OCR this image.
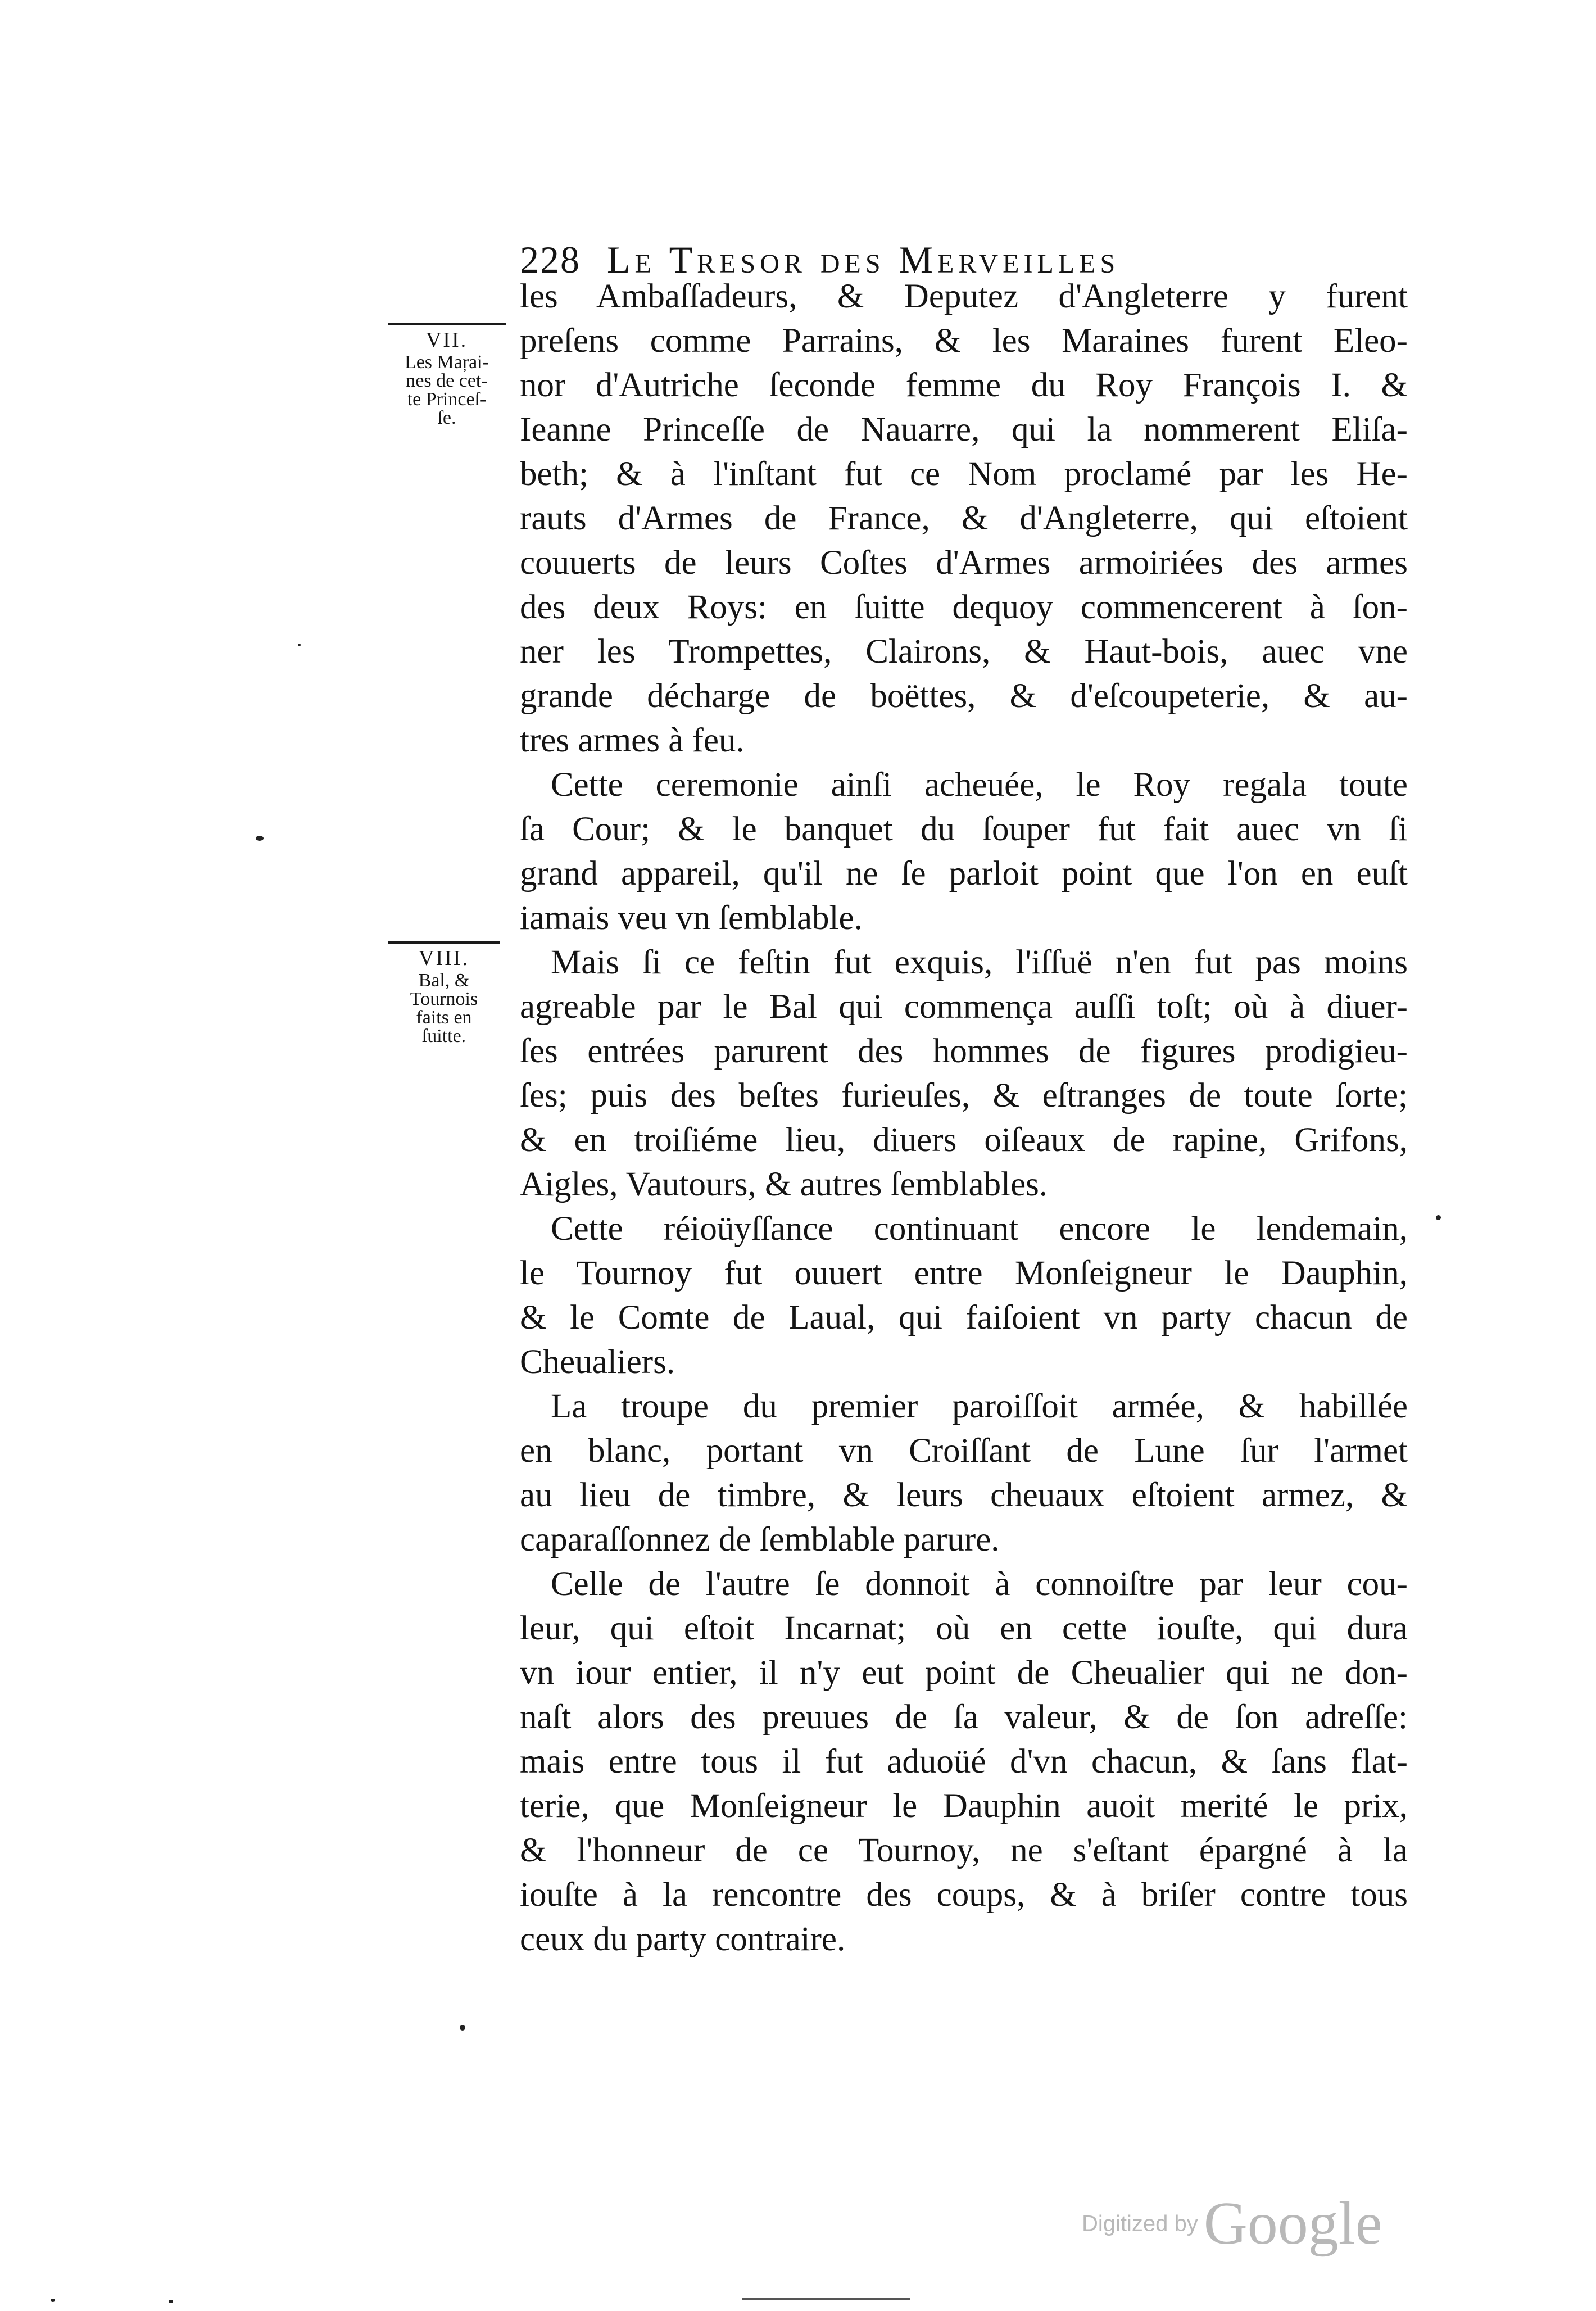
228 Le Tresor des Merveilles
VII.
Les Maŗai-
nes de cet-
te Princeſ-
ſe.
VIII.
Bal, &
Tournois
faits en
ſuitte.
les Ambaſſadeurs, & Deputez d'Angleterre y furent
preſens comme Parrains, & les Maraines furent Eleo-
nor d'Autriche ſeconde femme du Roy François I. &
Ieanne Princeſſe de Nauarre, qui la nommerent Eliſa-
beth; & à l'inſtant fut ce Nom proclamé par les He-
rauts d'Armes de France, & d'Angleterre, qui eſtoient
couuerts de leurs Coſtes d'Armes armoiriées des armes
des deux Roys: en ſuitte dequoy commencerent à ſon-
ner les Trompettes, Clairons, & Haut-bois, auec vne
grande décharge de boëttes, & d'eſcoupeterie, & au-
tres armes à feu.
Cette ceremonie ainſi acheuée, le Roy regala toute
ſa Cour; & le banquet du ſouper fut fait auec vn ſi
grand appareil, qu'il ne ſe parloit point que l'on en euſt
iamais veu vn ſemblable.
Mais ſi ce feſtin fut exquis, l'iſſuë n'en fut pas moins
agreable par le Bal qui commença auſſi toſt; où à diuer-
ſes entrées parurent des hommes de figures prodigieu-
ſes; puis des beſtes furieuſes, & eſtranges de toute ſorte;
& en troiſiéme lieu, diuers oiſeaux de rapine, Grifons,
Aigles, Vautours, & autres ſemblables.
Cette réioüyſſance continuant encore le lendemain,
le Tournoy fut ouuert entre Monſeigneur le Dauphin,
& le Comte de Laual, qui faiſoient vn party chacun de
Cheualiers.
La troupe du premier paroiſſoit armée, & habillée
en blanc, portant vn Croiſſant de Lune ſur l'armet
au lieu de timbre, & leurs cheuaux eſtoient armez, &
caparaſſonnez de ſemblable parure.
Celle de l'autre ſe donnoit à connoiſtre par leur cou-
leur, qui eſtoit Incarnat; où en cette iouſte, qui dura
vn iour entier, il n'y eut point de Cheualier qui ne don-
naſt alors des preuues de ſa valeur, & de ſon adreſſe:
mais entre tous il fut aduoüé d'vn chacun, & ſans flat-
terie, que Monſeigneur le Dauphin auoit merité le prix,
& l'honneur de ce Tournoy, ne s'eſtant épargné à la
iouſte à la rencontre des coups, & à briſer contre tous
ceux du party contraire.
Digitized by Google
